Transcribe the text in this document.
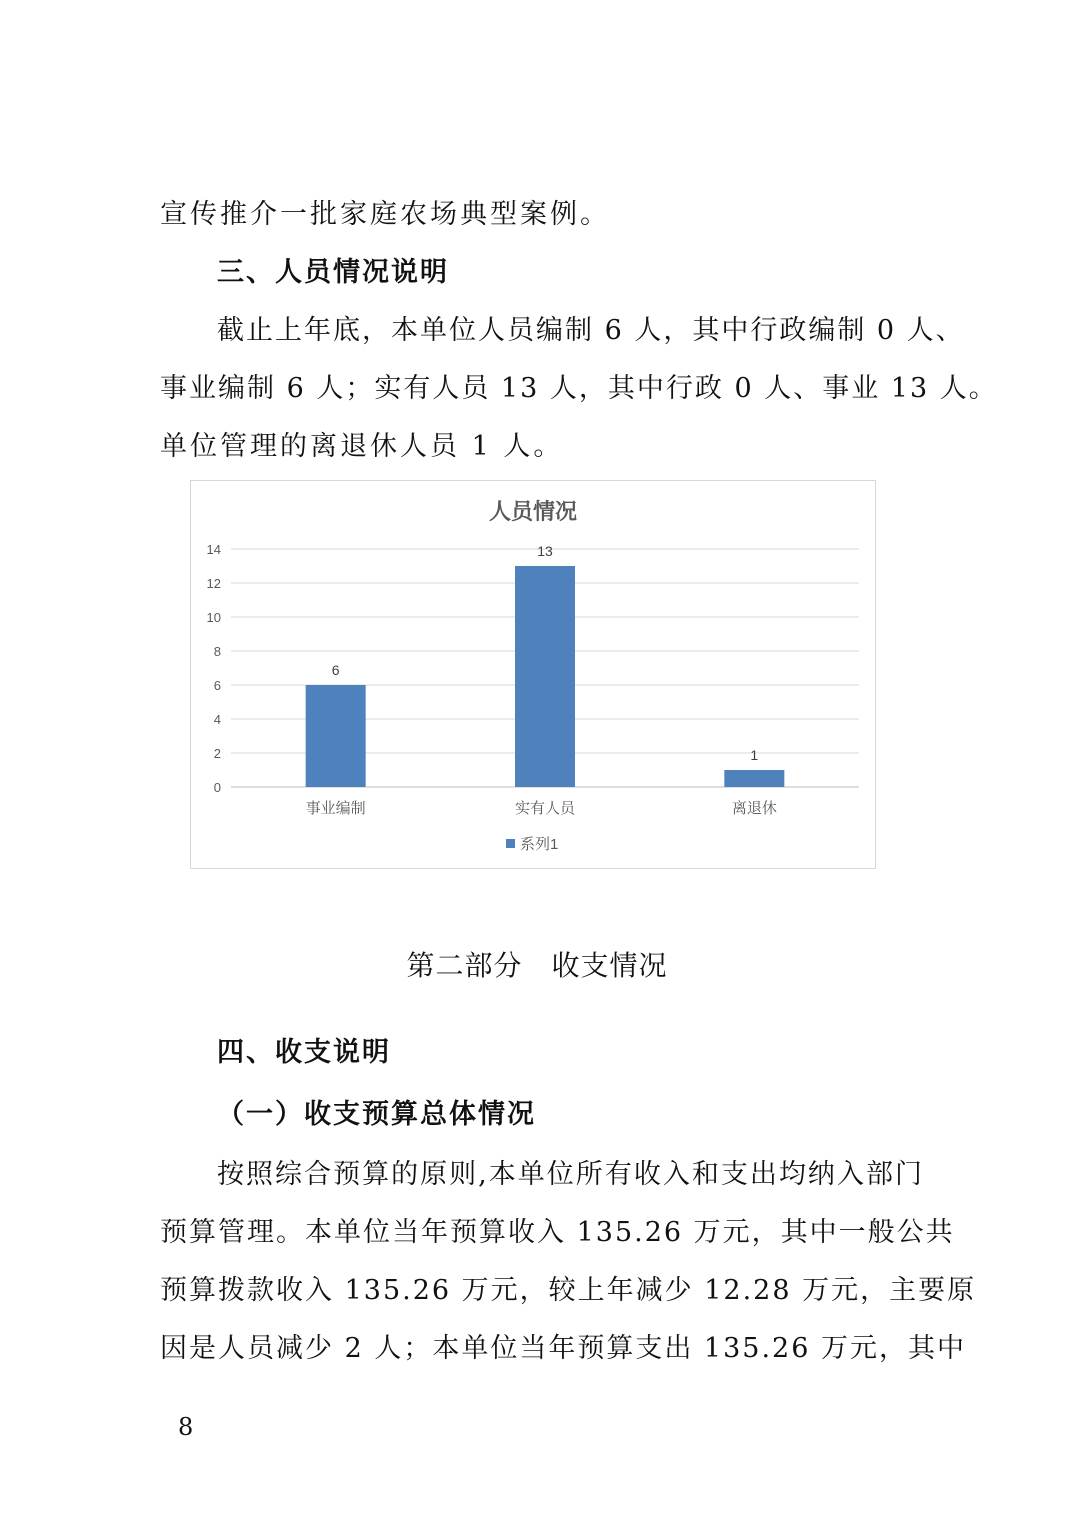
宣传推介一批家庭农场典型案例。
三、人员情况说明
截止上年底，本单位人员编制 6 人，其中行政编制 0 人、
事业编制 6 人；实有人员 13 人，其中行政 0 人、事业 13 人。
单位管理的离退休人员 1 人。
人员情况
0
2
4
6
8
10
12
14
6
事业编制
13
实有人员
1
离退休
系列1
第二部分　收支情况
四、收支说明
（一）收支预算总体情况
按照综合预算的原则,本单位所有收入和支出均纳入部门
预算管理。本单位当年预算收入 135.26 万元，其中一般公共
预算拨款收入 135.26 万元，较上年减少 12.28 万元，主要原
因是人员减少 2 人；本单位当年预算支出 135.26 万元，其中
8
